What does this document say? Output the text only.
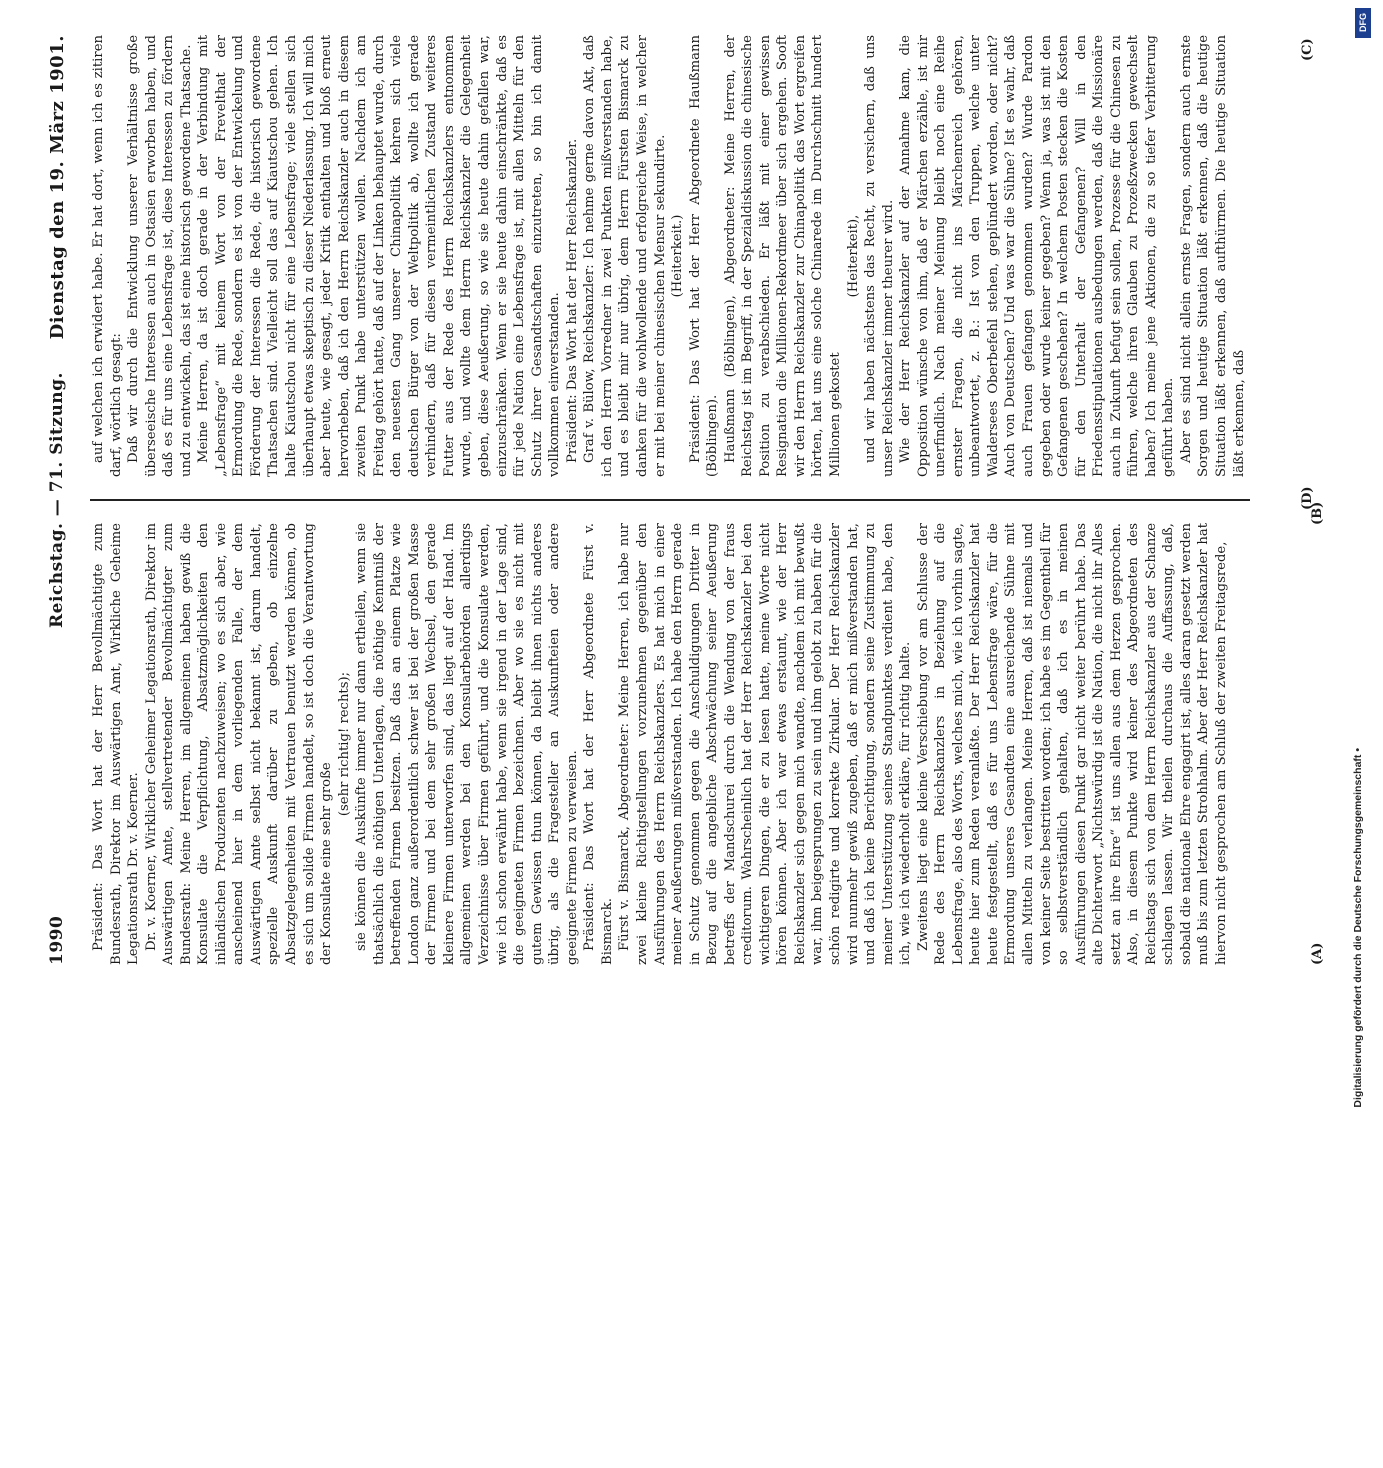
1990
Reichstag. — 71. Sitzung.
Dienstag den 19. März 1901.

Präsident: Das Wort hat der Herr Bevollmächtigte zum Bundesrath, Direktor im Auswärtigen Amt, Wirkliche Geheime Legationsrath Dr. v. Koerner. Dr. v. Koerner, Wirklicher Geheimer Legationsrath, Direktor im Auswärtigen Amte, stellvertretender Bevollmächtigter zum Bundesrath: Meine Herren, im allgemeinen haben gewiß die Konsulate die Verpflichtung, Absatzmöglichkeiten den inländischen Produzenten nachzuweisen; wo es sich aber, wie anscheinend hier in dem vorliegenden Falle, der dem Auswärtigen Amte selbst nicht bekannt ist, darum handelt, spezielle Auskunft darüber zu geben, ob einzelne Absatzgelegenheiten mit Vertrauen benutzt werden können, ob es sich um solide Firmen handelt, so ist doch die Verantwortung der Konsulate eine sehr große

(sehr richtig! rechts); sie können die Auskünfte immer nur dann ertheilen, wenn sie thatsächlich die nöthigen Unterlagen, die nöthige Kenntniß der betreffenden Firmen besitzen. Daß das an einem Platze wie London ganz außerordentlich schwer ist bei der großen Masse der Firmen und bei dem sehr großen Wechsel, den gerade kleinere Firmen unterworfen sind, das liegt auf der Hand. Im allgemeinen werden bei den Konsularbehörden allerdings Verzeichnisse über Firmen geführt, und die Konsulate werden, wie ich schon erwähnt habe, wenn sie irgend in der Lage sind, die geeigneten Firmen bezeichnen. Aber wo sie es nicht mit gutem Gewissen thun können, da bleibt ihnen nichts anderes übrig, als die Fragesteller an Auskunfteien oder andere geeignete Firmen zu verweisen. Präsident: Das Wort hat der Herr Abgeordnete Fürst v. Bismarck. Fürst v. Bismarck, Abgeordneter: Meine Herren, ich habe nur zwei kleine Richtigstellungen vorzunehmen gegenüber den Ausführungen des Herrn Reichskanzlers. Es hat mich in einer meiner Aeußerungen mißverstanden. Ich habe den Herrn gerade in Schutz genommen gegen die Anschuldigungen Dritter in Bezug auf die angebliche Abschwächung seiner Aeußerung betreffs der Mandschurei durch die Wendung von der fraus creditorum. Wahrscheinlich hat der Herr Reichskanzler bei den wichtigeren Dingen, die er zu lesen hatte, meine Worte nicht hören können. Aber ich war etwas erstaunt, wie der Herr Reichskanzler sich gegen mich wandte, nachdem ich mit bewußt war, ihm beigesprungen zu sein und ihm gelobt zu haben für die schön redigirte und korrekte Zirkular. Der Herr Reichskanzler wird nunmehr gewiß zugeben, daß er mich mißverstanden hat, und daß ich keine Berichtigung, sondern seine Zustimmung zu meiner Unterstützung seines Standpunktes verdient habe, den ich, wie ich wiederholt erkläre, für richtig halte. Zweitens liegt eine kleine Verschiebung vor am Schlusse der Rede des Herrn Reichskanzlers in Beziehung auf die Lebensfrage, also des Worts, welches mich, wie ich vorhin sagte, heute hier zum Reden veranlaßte. Der Herr Reichskanzler hat heute festgestellt, daß es für uns Lebensfrage wäre, für die Ermordung unseres Gesandten eine ausreichende Sühne mit allen Mitteln zu verlangen. Meine Herren, daß ist niemals und von keiner Seite bestritten worden; ich habe es im Gegentheil für so selbstverständlich gehalten, daß ich es in meinen Ausführungen diesen Punkt gar nicht weiter berührt habe. Das alte Dichterwort „Nichtswürdig ist die Nation, die nicht ihr Alles setzt an ihre Ehre“ ist uns allen aus dem Herzen gesprochen. Also, in diesem Punkte wird keiner des Abgeordneten des Reichstags sich von dem Herrn Reichskanzler aus der Schanze schlagen lassen. Wir theilen durchaus die Auffassung, daß, sobald die nationale Ehre engagirt ist, alles daran gesetzt werden muß bis zum letzten Strohhalm. Aber der Herr Reichskanzler hat hiervon nicht gesprochen am Schluß der zweiten Freitagsrede,

auf welchen ich erwidert habe. Er hat dort, wenn ich es zitiren darf, wörtlich gesagt: Daß wir durch die Entwicklung unserer Verhältnisse große überseeische Interessen auch in Ostasien erworben haben, und daß es für uns eine Lebensfrage ist, diese Interessen zu fördern und zu entwickeln, das ist eine historisch gewordene Thatsache. Meine Herren, da ist doch gerade in der Verbindung mit „Lebensfrage“ mit keinem Wort von der Frevelthat der Ermordung die Rede, sondern es ist von der Entwickelung und Förderung der Interessen die Rede, die historisch gewordene Thatsachen sind. Vielleicht soll das auf Kiautschou gehen. Ich halte Kiautschou nicht für eine Lebensfrage; viele stellen sich überhaupt etwas skeptisch zu dieser Niederlassung. Ich will mich aber heute, wie gesagt, jeder Kritik enthalten und bloß erneut hervorheben, daß ich den Herrn Reichskanzler auch in diesem zweiten Punkt habe unterstützen wollen. Nachdem ich am Freitag gehört hatte, daß auf der Linken behauptet wurde, durch den neuesten Gang unserer Chinapolitik kehren sich viele deutschen Bürger von der Weltpolitik ab, wollte ich gerade verhindern, daß für diesen vermeintlichen Zustand weiteres Futter aus der Rede des Herrn Reichskanzlers entnommen wurde, und wollte dem Herrn Reichskanzler die Gelegenheit geben, diese Aeußerung, so wie sie heute dahin gefallen war, einzuschränken. Wenn er sie heute dahin einschränkte, daß es für jede Nation eine Lebensfrage ist, mit allen Mitteln für den Schutz ihrer Gesandtschaften einzutreten, so bin ich damit vollkommen einverstanden. Präsident: Das Wort hat der Herr Reichskanzler. Graf v. Bülow, Reichskanzler: Ich nehme gerne davon Akt, daß ich den Herrn Vorredner in zwei Punkten mißverstanden habe, und es bleibt mir nur übrig, dem Herrn Fürsten Bismarck zu danken für die wohlwollende und erfolgreiche Weise, in welcher er mit bei meiner chinesischen Mensur sekundirte. (Heiterkeit.) Präsident: Das Wort hat der Herr Abgeordnete Haußmann (Böblingen). Haußmann (Böblingen), Abgeordneter: Meine Herren, der Reichstag ist im Begriff, in der Spezialdiskussion die chinesische Position zu verabschieden. Er läßt mit einer gewissen Resignation die Millionen-Rekordmeer über sich ergehen. Sooft wir den Herrn Reichskanzler zur Chinapolitik das Wort ergreifen hörten, hat uns eine solche Chinarede im Durchschnitt hundert Millionen gekostet

(Heiterkeit), und wir haben nächstens das Recht, zu versichern, daß uns unser Reichskanzler immer theurer wird. Wie der Herr Reichskanzler auf der Annahme kam, die Opposition wünsche von ihm, daß er Märchen erzähle, ist mir unerfindlich. Nach meiner Meinung bleibt noch eine Reihe ernster Fragen, die nicht ins Märchenreich gehören, unbeantwortet, z. B.: Ist von den Truppen, welche unter Waldersees Oberbefehl stehen, geplündert worden, oder nicht? Auch von Deutschen? Und was war die Sühne? Ist es wahr, daß auch Frauen gefangen genommen wurden? Wurde Pardon gegeben oder wurde keiner gegeben? Wenn ja, was ist mit den Gefangenen geschehen? In welchem Posten stecken die Kosten für den Unterhalt der Gefangenen? Will in den Friedensstipulationen ausbedungen werden, daß die Missionäre auch in Zukunft befugt sein sollen, Prozesse für die Chinesen zu führen, welche ihren Glauben zu Prozeßzwecken gewechselt haben? Ich meine jene Aktionen, die zu so tiefer Verbitterung geführt haben. Aber es sind nicht allein ernste Fragen, sondern auch ernste Sorgen und heutige Situation läßt erkennen, daß die heutige Situation läßt erkennen, daß aufthürmen. Die heutige Situation läßt erkennen, daß

(A)
(B)
(C)
(D)
DFG
Digitalisierung gefördert durch die Deutsche Forschungsgemeinschaft •
